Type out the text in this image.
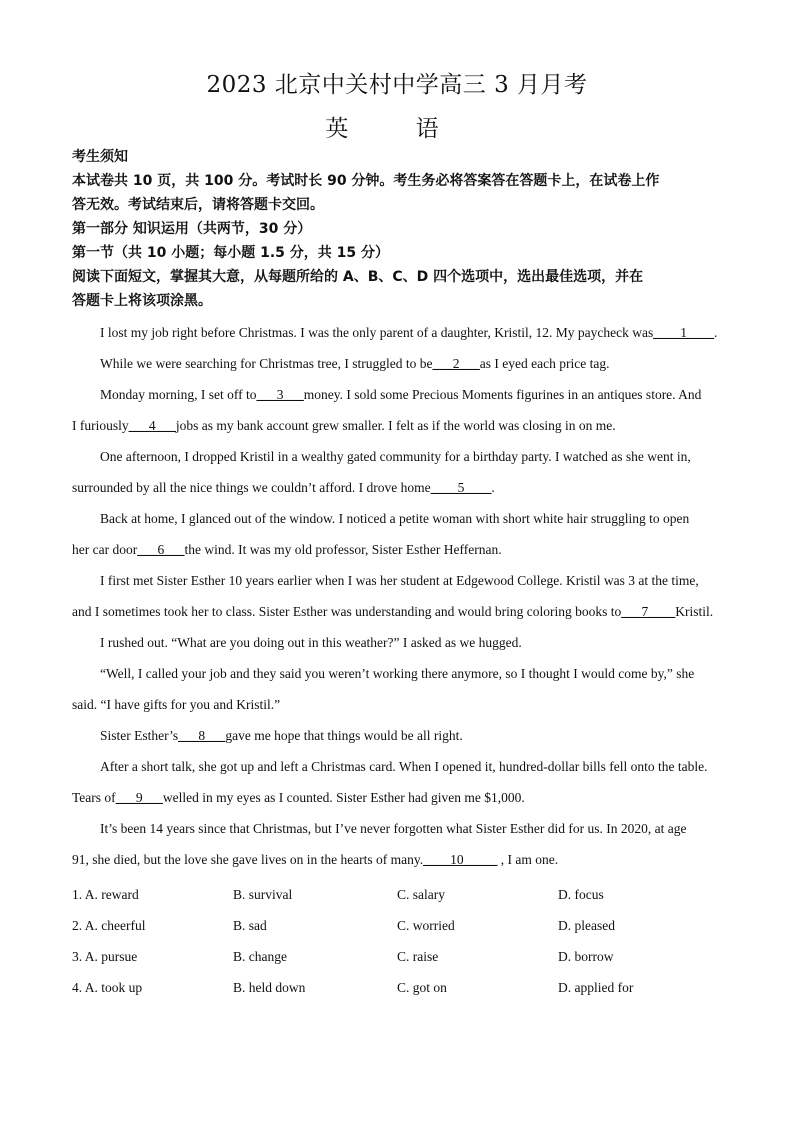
2023 北京中关村中学高三 3 月月考
英 语
考生须知
本试卷共 10 页，共 100 分。考试时长 90 分钟。考生务必将答案答在答题卡上，在试卷上作
答无效。考试结束后，请将答题卡交回。
第一部分 知识运用（共两节，30 分）
第一节（共 10 小题；每小题 1.5 分，共 15 分）
阅读下面短文，掌握其大意，从每题所给的 A、B、C、D 四个选项中，选出最佳选项，并在
答题卡上将该项涂黑。
I lost my job right before Christmas. I was the only parent of a daughter, Kristil, 12. My paycheck was____1____.
While we were searching for Christmas tree, I struggled to be___2___as I eyed each price tag.
Monday morning, I set off to___3___money. I sold some Precious Moments figurines in an antiques store. And
I furiously___4___jobs as my bank account grew smaller. I felt as if the world was closing in on me.
One afternoon, I dropped Kristil in a wealthy gated community for a birthday party. I watched as she went in,
surrounded by all the nice things we couldn’t afford. I drove home____5____.
Back at home, I glanced out of the window. I noticed a petite woman with short white hair struggling to open
her car door___6___the wind. It was my old professor, Sister Esther Heffernan.
I first met Sister Esther 10 years earlier when I was her student at Edgewood College. Kristil was 3 at the time,
and I sometimes took her to class. Sister Esther was understanding and would bring coloring books to___7____Kristil.
I rushed out. “What are you doing out in this weather?” I asked as we hugged.
“Well, I called your job and they said you weren’t working there anymore, so I thought I would come by,” she
said. “I have gifts for you and Kristil.”
Sister Esther’s___8___gave me hope that things would be all right.
After a short talk, she got up and left a Christmas card. When I opened it, hundred-dollar bills fell onto the table.
Tears of___9___welled in my eyes as I counted. Sister Esther had given me $1,000.
It’s been 14 years since that Christmas, but I’ve never forgotten what Sister Esther did for us. In 2020, at age
91, she died, but the love she gave lives on in the hearts of many.____10_____ , I am one.
1. A. reward	B. survival	C. salary	D. focus
2. A. cheerful	B. sad	C. worried	D. pleased
3. A. pursue	B. change	C. raise	D. borrow
4. A. took up	B. held down	C. got on	D. applied for
